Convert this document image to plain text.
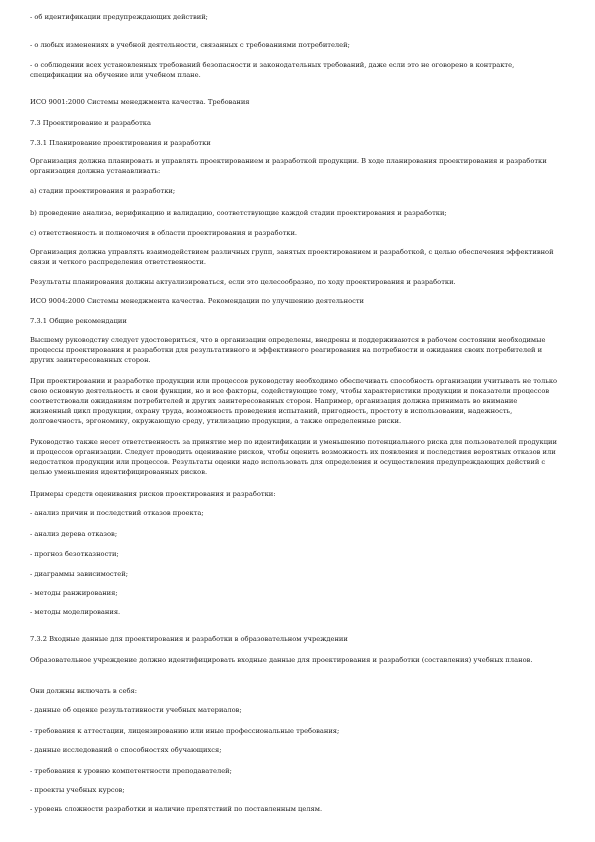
- об идентификации предупреждающих действий;

- о любых изменениях в учебной деятельности, связанных с требованиями потребителей;

- о соблюдении всех установленных требований безопасности и законодательных требований, даже если это не оговорено в контракте, спецификации на обучение или учебном плане.

ИСО 9001:2000 Системы менеджмента качества. Требования

7.3 Проектирование и разработка

7.3.1 Планирование проектирования и разработки

Организация должна планировать и управлять проектированием и разработкой продукции. В ходе планирования проектирования и разработки организация должна устанавливать:

a) стадии проектирования и разработки;

b) проведение анализа, верификацию и валидацию, соответствующие каждой стадии проектирования и разработки;

c) ответственность и полномочия в области проектирования и разработки.

Организация должна управлять взаимодействием различных групп, занятых проектированием и разработкой, с целью обеспечения эффективной связи и четкого распределения ответственности.

Результаты планирования должны актуализироваться, если это целесообразно, по ходу проектирования и разработки.

ИСО 9004:2000 Системы менеджмента качества. Рекомендации по улучшению деятельности

7.3.1 Общие рекомендации

Высшему руководству следует удостовериться, что в организации определены, внедрены и поддерживаются в рабочем состоянии необходимые процессы проектирования и разработки для результативного и эффективного реагирования на потребности и ожидания своих потребителей и других заинтересованных сторон.

При проектировании и разработке продукции или процессов руководству необходимо обеспечивать способность организации учитывать не только свою основную деятельность и свои функции, но и все факторы, содействующие тому, чтобы характеристики продукции и показатели процессов соответствовали ожиданиям потребителей и других заинтересованных сторон. Например, организация должна принимать во внимание жизненный цикл продукции, охрану труда, возможность проведения испытаний, пригодность, простоту в использовании, надежность, долговечность, эргономику, окружающую среду, утилизацию продукции, а также определенные риски.

Руководство также несет ответственность за принятие мер по идентификации и уменьшению потенциального риска для пользователей продукции и процессов организации. Следует проводить оценивание рисков, чтобы оценить возможность их появления и последствия вероятных отказов или недостатков продукции или процессов. Результаты оценки надо использовать для определения и осуществления предупреждающих действий с целью уменьшения идентифицированных рисков.

Примеры средств оценивания рисков проектирования и разработки:

- анализ причин и последствий отказов проекта;

- анализ дерева отказов;

- прогноз безотказности;

- диаграммы зависимостей;

- методы ранжирования;

- методы моделирования.

7.3.2 Входные данные для проектирования и разработки в образовательном учреждении

Образовательное учреждение должно идентифицировать входные данные для проектирования и разработки (составления) учебных планов.

Они должны включать в себя:

- данные об оценке результативности учебных материалов;

- требования к аттестации, лицензированию или иные профессиональные требования;

- данные исследований о способностях обучающихся;

- требования к уровню компетентности преподавателей;

- проекты учебных курсов;

- уровень сложности разработки и наличие препятствий по поставленным целям.
